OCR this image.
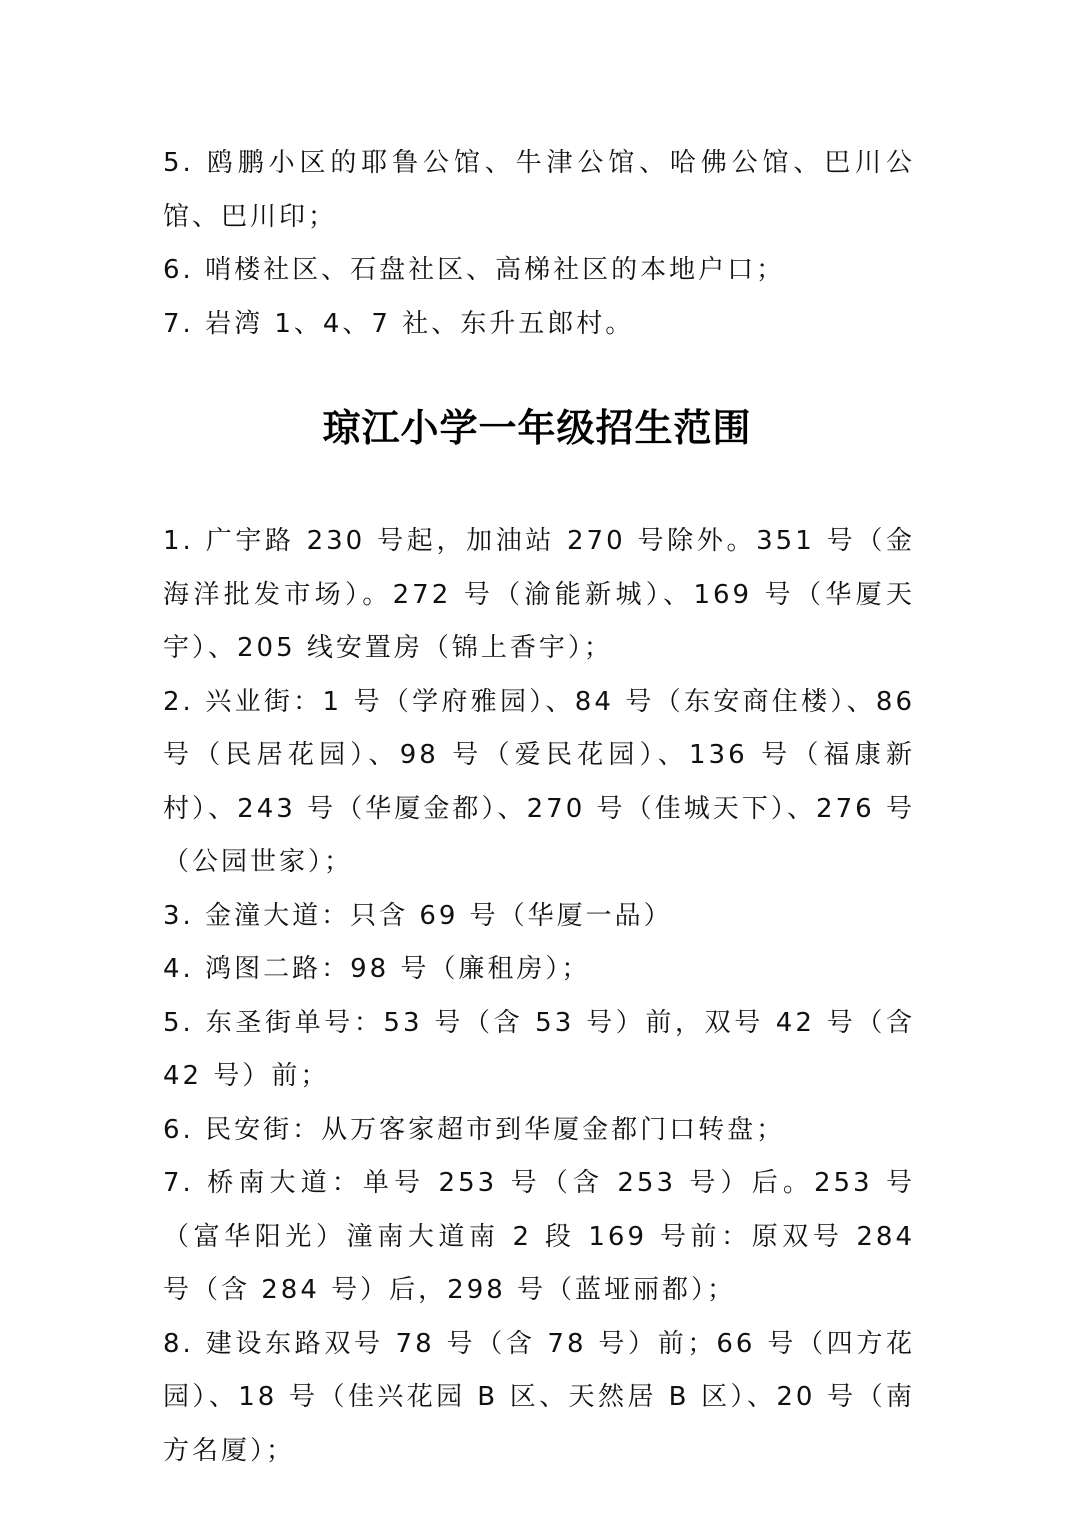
5. 鸥鹏小区的耶鲁公馆、牛津公馆、哈佛公馆、巴川公馆、巴川印；

6. 哨楼社区、石盘社区、高梯社区的本地户口；

7. 岩湾 1、4、7 社、东升五郎村。

琼江小学一年级招生范围

1. 广宇路 230 号起，加油站 270 号除外。351 号（金海洋批发市场）。272 号（渝能新城）、169 号（华厦天宇）、205 线安置房（锦上香宇）；

2. 兴业街：1 号（学府雅园）、84 号（东安商住楼）、86 号（民居花园）、98 号（爱民花园）、136 号（福康新村）、243 号（华厦金都）、270 号（佳城天下）、276 号（公园世家）；

3. 金潼大道：只含 69 号（华厦一品）

4. 鸿图二路：98 号（廉租房）；

5. 东圣街单号：53 号（含 53 号）前，双号 42 号（含 42 号）前；

6. 民安街：从万客家超市到华厦金都门口转盘；

7. 桥南大道：单号 253 号（含 253 号）后。253 号（富华阳光）潼南大道南 2 段 169 号前：原双号 284 号（含 284 号）后，298 号（蓝垭丽都）；

8. 建设东路双号 78 号（含 78 号）前；66 号（四方花园）、18 号（佳兴花园 B 区、天然居 B 区）、20 号（南方名厦）；
